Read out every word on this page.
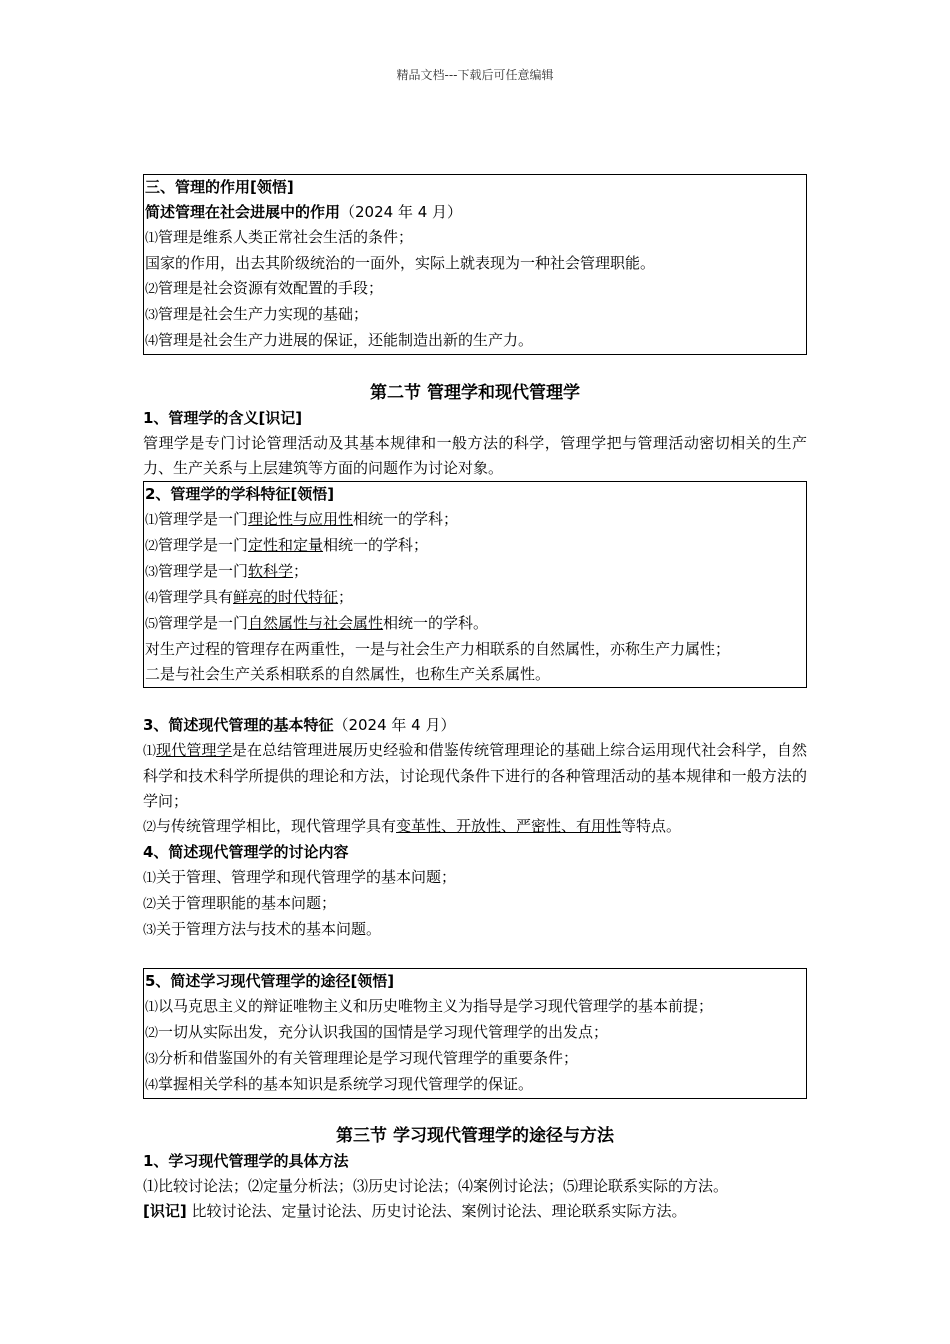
精品文档---下载后可任意编辑
三、管理的作用[领悟]
简述管理在社会进展中的作用（2024 年 4 月）
⑴管理是维系人类正常社会生活的条件；
国家的作用，出去其阶级统治的一面外，实际上就表现为一种社会管理职能。
⑵管理是社会资源有效配置的手段；
⑶管理是社会生产力实现的基础；
⑷管理是社会生产力进展的保证，还能制造出新的生产力。
第二节 管理学和现代管理学
1、管理学的含义[识记]
管理学是专门讨论管理活动及其基本规律和一般方法的科学，管理学把与管理活动密切相关的生产力、生产关系与上层建筑等方面的问题作为讨论对象。
2、管理学的学科特征[领悟]
⑴管理学是一门理论性与应用性相统一的学科；
⑵管理学是一门定性和定量相统一的学科；
⑶管理学是一门软科学；
⑷管理学具有鲜亮的时代特征；
⑸管理学是一门自然属性与社会属性相统一的学科。
对生产过程的管理存在两重性，一是与社会生产力相联系的自然属性，亦称生产力属性；
二是与社会生产关系相联系的自然属性，也称生产关系属性。
3、简述现代管理的基本特征（2024 年 4 月）
⑴现代管理学是在总结管理进展历史经验和借鉴传统管理理论的基础上综合运用现代社会科学，自然科学和技术科学所提供的理论和方法，讨论现代条件下进行的各种管理活动的基本规律和一般方法的学问；
⑵与传统管理学相比，现代管理学具有变革性、开放性、严密性、有用性等特点。
4、简述现代管理学的讨论内容
⑴关于管理、管理学和现代管理学的基本问题；
⑵关于管理职能的基本问题；
⑶关于管理方法与技术的基本问题。
5、简述学习现代管理学的途径[领悟]
⑴以马克思主义的辩证唯物主义和历史唯物主义为指导是学习现代管理学的基本前提；
⑵一切从实际出发，充分认识我国的国情是学习现代管理学的出发点；
⑶分析和借鉴国外的有关管理理论是学习现代管理学的重要条件；
⑷掌握相关学科的基本知识是系统学习现代管理学的保证。
第三节 学习现代管理学的途径与方法
1、学习现代管理学的具体方法
⑴比较讨论法；⑵定量分析法；⑶历史讨论法；⑷案例讨论法；⑸理论联系实际的方法。
[识记] 比较讨论法、定量讨论法、历史讨论法、案例讨论法、理论联系实际方法。
